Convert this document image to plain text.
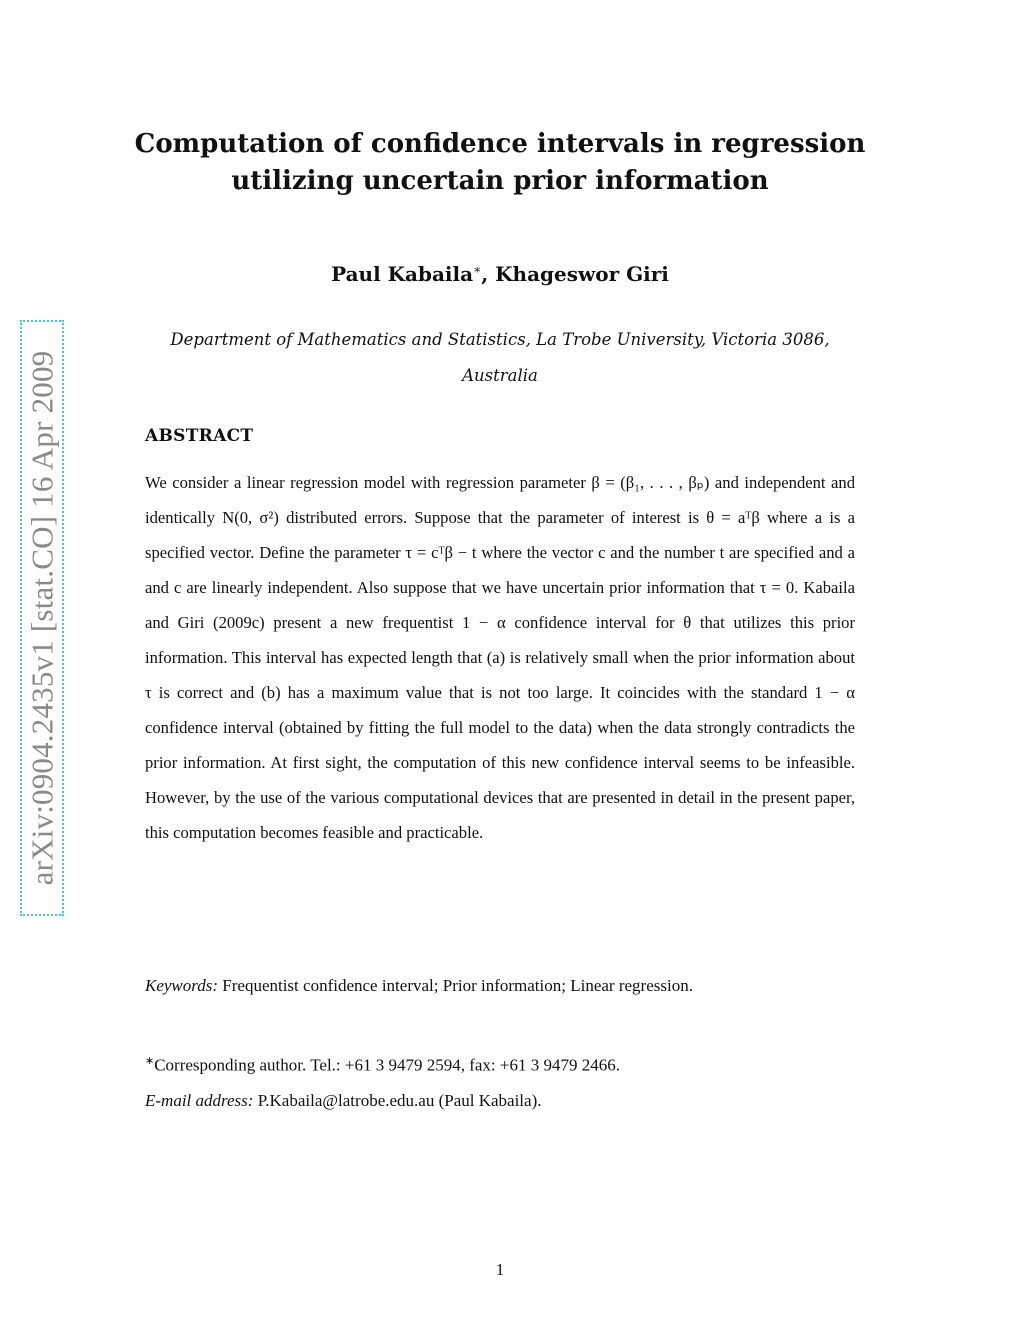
arXiv:0904.2435v1 [stat.CO] 16 Apr 2009
Computation of confidence intervals in regression
utilizing uncertain prior information

Paul Kabaila∗, Khageswor Giri

Department of Mathematics and Statistics, La Trobe University, Victoria 3086,
Australia

ABSTRACT

We consider a linear regression model with regression parameter β = (β₁, . . . , βₚ) and independent and identically N(0, σ²) distributed errors. Suppose that the parameter of interest is θ = aᵀβ where a is a specified vector. Define the parameter τ = cᵀβ − t where the vector c and the number t are specified and a and c are linearly independent. Also suppose that we have uncertain prior information that τ = 0. Kabaila and Giri (2009c) present a new frequentist 1 − α confidence interval for θ that utilizes this prior information. This interval has expected length that (a) is relatively small when the prior information about τ is correct and (b) has a maximum value that is not too large. It coincides with the standard 1 − α confidence interval (obtained by fitting the full model to the data) when the data strongly contradicts the prior information. At first sight, the computation of this new confidence interval seems to be infeasible. However, by the use of the various computational devices that are presented in detail in the present paper, this computation becomes feasible and practicable.

Keywords: Frequentist confidence interval; Prior information; Linear regression.

∗Corresponding author. Tel.: +61 3 9479 2594, fax: +61 3 9479 2466.
E-mail address: P.Kabaila@latrobe.edu.au (Paul Kabaila).

1
